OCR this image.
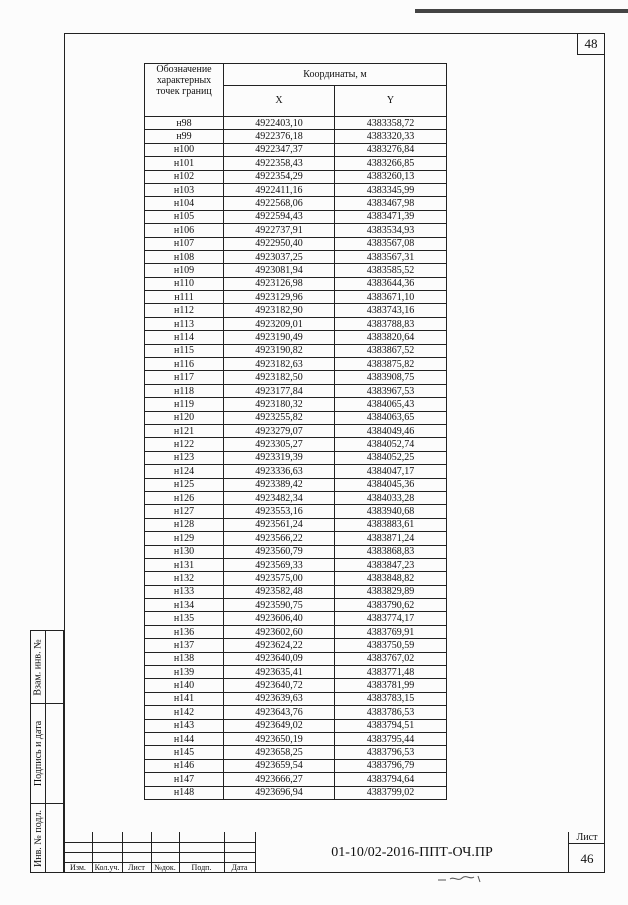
48
Обозначение характерных точек границ	Координаты, м	
	X	Y
н98	4922403,10	4383358,72
н99	4922376,18	4383320,33
н100	4922347,37	4383276,84
н101	4922358,43	4383266,85
н102	4922354,29	4383260,13
н103	4922411,16	4383345,99
н104	4922568,06	4383467,98
н105	4922594,43	4383471,39
н106	4922737,91	4383534,93
н107	4922950,40	4383567,08
н108	4923037,25	4383567,31
н109	4923081,94	4383585,52
н110	4923126,98	4383644,36
н111	4923129,96	4383671,10
н112	4923182,90	4383743,16
н113	4923209,01	4383788,83
н114	4923190,49	4383820,64
н115	4923190,82	4383867,52
н116	4923182,63	4383875,82
н117	4923182,50	4383908,75
н118	4923177,84	4383967,53
н119	4923180,32	4384065,43
н120	4923255,82	4384063,65
н121	4923279,07	4384049,46
н122	4923305,27	4384052,74
н123	4923319,39	4384052,25
н124	4923336,63	4384047,17
н125	4923389,42	4384045,36
н126	4923482,34	4384033,28
н127	4923553,16	4383940,68
н128	4923561,24	4383883,61
н129	4923566,22	4383871,24
н130	4923560,79	4383868,83
н131	4923569,33	4383847,23
н132	4923575,00	4383848,82
н133	4923582,48	4383829,89
н134	4923590,75	4383790,62
н135	4923606,40	4383774,17
н136	4923602,60	4383769,91
н137	4923624,22	4383750,59
н138	4923640,09	4383767,02
н139	4923635,41	4383771,48
н140	4923640,72	4383781,99
н141	4923639,63	4383783,15
н142	4923643,76	4383786,53
н143	4923649,02	4383794,51
н144	4923650,19	4383795,44
н145	4923658,25	4383796,53
н146	4923659,54	4383796,79
н147	4923666,27	4383794,64
н148	4923696,94	4383799,02
Взам. инв. №
Подпись и дата
Инв. № подл.
Изм.	Кол.уч.	Лист	№док.	Подп.	Дата
01-10/02-2016-ППТ-ОЧ.ПР
Лист
46
